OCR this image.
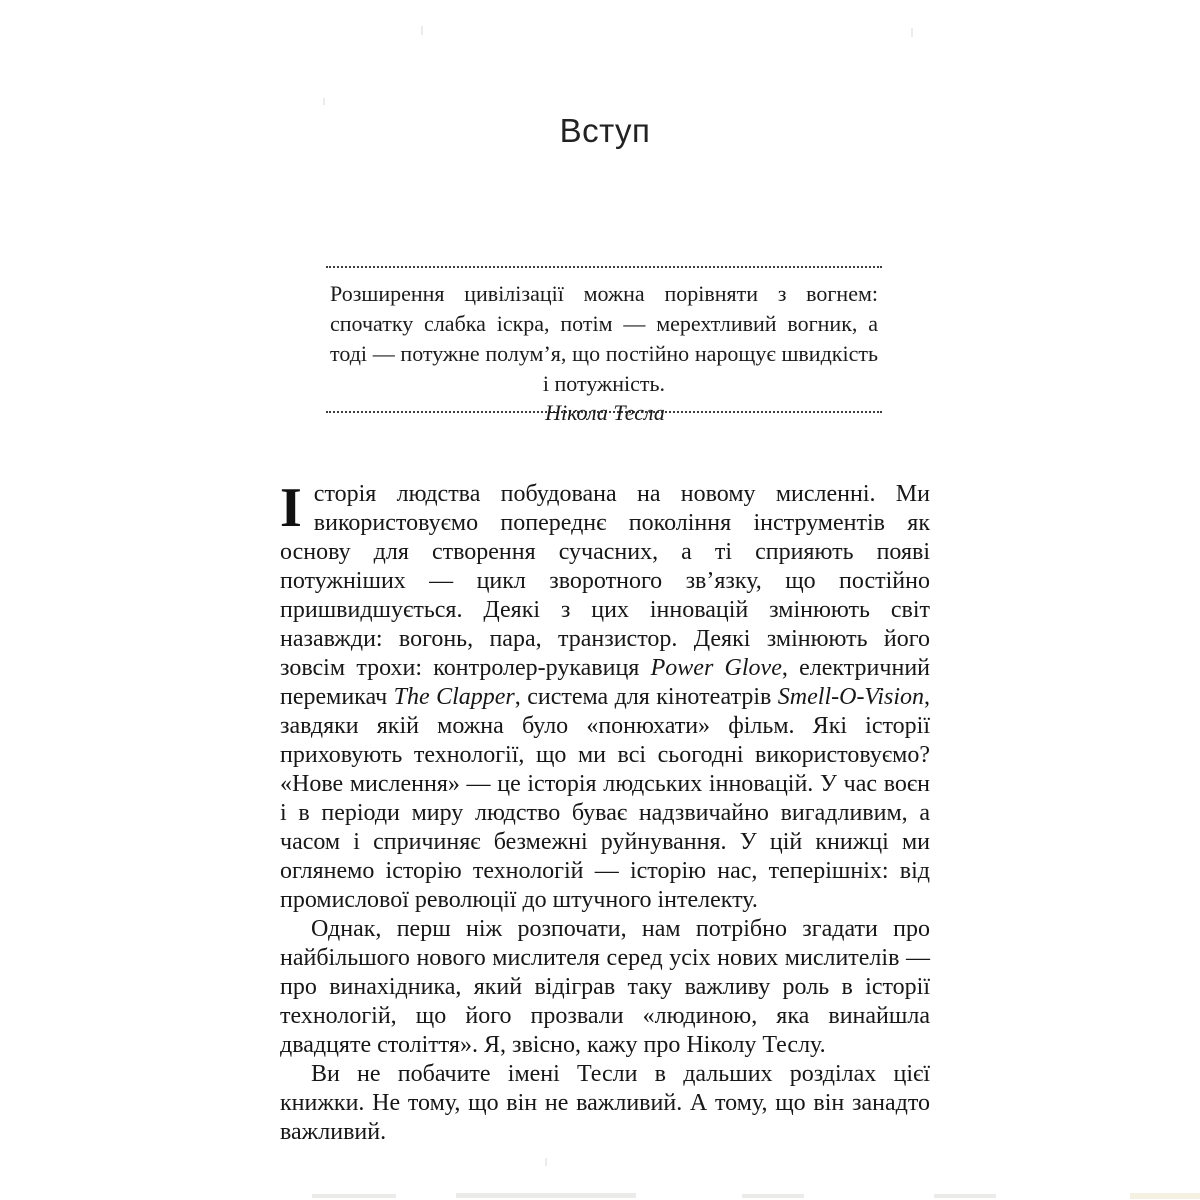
Вступ

Розширення цивілізації можна порівняти з вогнем: спочатку слабка іскра, потім — мерехтливий вогник, а тоді — потужне полум’я, що постійно нарощує швидкість і потужність.

Нікола Тесла

Історія людства побудована на новому мисленні. Ми використовуємо попереднє покоління інструментів як основу для створення сучасних, а ті сприяють появі потужніших — цикл зворотного зв’язку, що постійно пришвидшується. Деякі з цих інновацій змінюють світ назавжди: вогонь, пара, транзистор. Деякі змінюють його зовсім трохи: контролер-рукавиця Power Glove, електричний перемикач The Clapper, система для кінотеатрів Smell-O-Vision, завдяки якій можна було «понюхати» фільм. Які історії приховують технології, що ми всі сьогодні використовуємо? «Нове мислення» — це історія людських інновацій. У час воєн і в періоди миру людство буває надзвичайно вигадливим, а часом і спричиняє безмежні руйнування. У цій книжці ми оглянемо історію технологій — історію нас, теперішніх: від промислової революції до штучного інтелекту.

Однак, перш ніж розпочати, нам потрібно згадати про найбільшого нового мислителя серед усіх нових мислителів — про винахідника, який відіграв таку важливу роль в історії технологій, що його прозвали «людиною, яка винайшла двадцяте століття». Я, звісно, кажу про Ніколу Теслу.

Ви не побачите імені Тесли в дальших розділах цієї книжки. Не тому, що він не важливий. А тому, що він занадто важливий.
